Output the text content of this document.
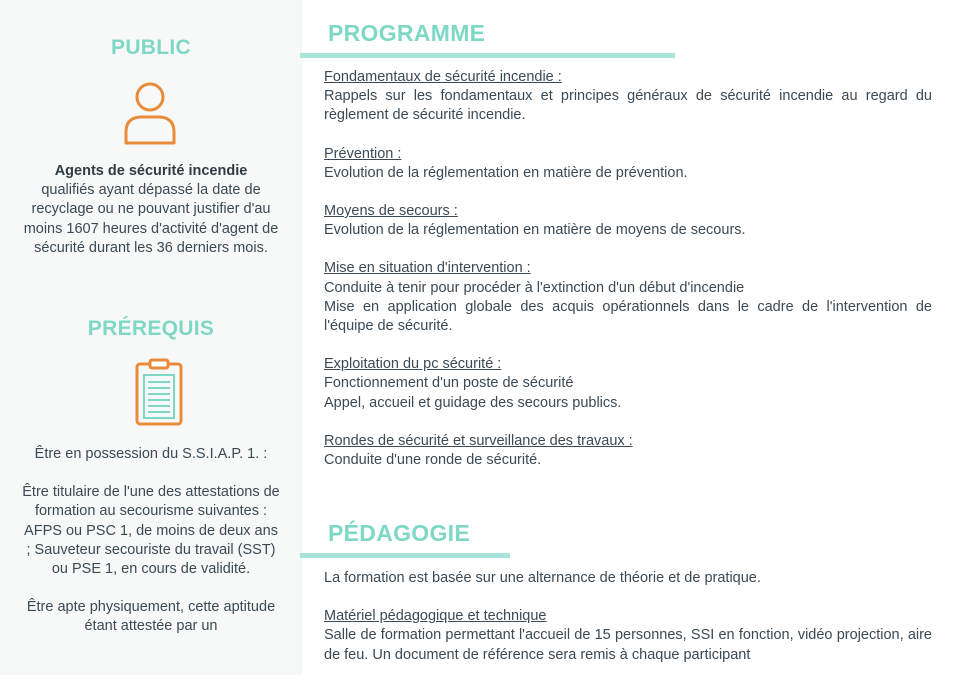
PUBLIC
Agents de sécurité incendie
qualifiés ayant dépassé la date de recyclage ou ne pouvant justifier d'au moins 1607 heures d'activité d'agent de sécurité durant les 36 derniers mois.
PRÉREQUIS

Être en possession du S.S.I.A.P. 1. :

Être titulaire de l'une des attestations de formation au secourisme suivantes : AFPS ou PSC 1, de moins de deux ans ; Sauveteur secouriste du travail (SST) ou PSE 1, en cours de validité.

Être apte physiquement, cette aptitude étant attestée par un

PROGRAMME
Fondamentaux de sécurité incendie :
Rappels sur les fondamentaux et principes généraux de sécurité incendie au regard du règlement de sécurité incendie.
Prévention :
Evolution de la réglementation en matière de prévention.
Moyens de secours :
Evolution de la réglementation en matière de moyens de secours.
Mise en situation d'intervention :
Conduite à tenir pour procéder à l'extinction d'un début d'incendie
Mise en application globale des acquis opérationnels dans le cadre de l'intervention de l'équipe de sécurité.
Exploitation du pc sécurité :
Fonctionnement d'un poste de sécurité
Appel, accueil et guidage des secours publics.
Rondes de sécurité et surveillance des travaux :
Conduite d'une ronde de sécurité.
PÉDAGOGIE
La formation est basée sur une alternance de théorie et de pratique.
Matériel pédagogique et technique
Salle de formation permettant l'accueil de 15 personnes, SSI en fonction, vidéo projection, aire de feu. Un document de référence sera remis à chaque participant
